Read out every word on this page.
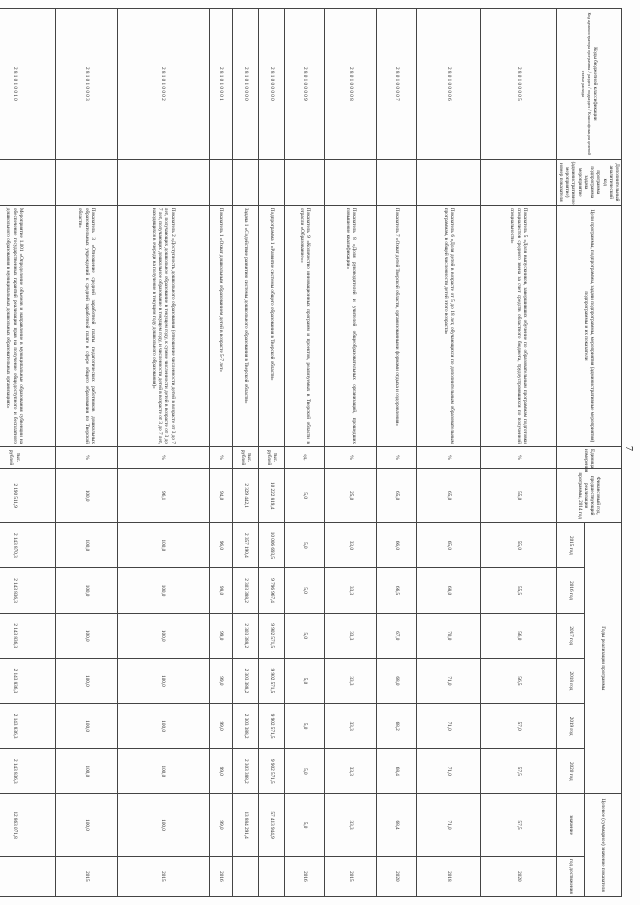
7
Коды бюджетной классификации
Код администратора программы / раздел / подраздел / Классификация целевой статьи расхода	Дополнительный аналитический код
программа подпрограмма задача мероприятие (административное мероприятие) номер показателя	Цели программы, подпрограммы, задачи подпрограммы, мероприятия (административные мероприятия) подпрограммы и их показатели	Единица измерения	Финансовый год, предшествующий реализации программы, 2014 год	Годы реализации программы						Целевое (суммарное) значение показателя	
					2015 год	2016 год	2017 год	2018 год	2019 год	2020 год	значение	год достижения
2 8 0 1 0 0 0 0 5		Показатель 5 «Доля выпускников, завершивших обучение по образовательным программам подготовки специалистов среднего звена за счет средств областного бюджета, трудоустроившихся по полученной специальности»	%	55,0	55,0	55,5	56,0	56,5	57,0	57,5	57,5	2020
2 8 0 1 0 0 0 0 6		Показатель 6 «Доля детей в возрасте от 5 до 18 лет, обучающихся по дополнительным образовательным программам, в общей численности детей этого возраста»	%	65,0	65,0	68,0	70,0	71,0	71,0	71,0	71,0	2018
2 8 0 1 0 0 0 0 7		Показатель 7 «Охват детей Тверской области, организованными формами отдыха и оздоровления»	%	65,0	66,0	66,5	67,0	68,0	68,2	68,4	68,4	2020
2 8 0 1 0 0 0 0 8		Показатель 8 «Доля руководителей и учителей общеобразовательных организаций, прошедших повышение квалификации»	%	25,0	33,0	33,3	33,3	33,3	33,3	33,3	33,3	2015
2 8 0 1 0 0 0 0 9		Показатель 9 «Количество инновационных программ и проектов, реализуемых в Тверской области в отрасли «Образование»»	ед.	5,0	5,0	5,0	5,0	5,0	5,0	5,0	5,0	2016
2 8 1 0 0 0 0 0 0		Подпрограмма 1 «Развитие системы общего образования в Тверской области»	тыс. рублей	10 222 819,4	10 006 693,5	9 796 967,4	9 902 571,5	9 902 571,5	9 902 571,5	9 902 571,5	57 413 944,9	
2 8 1 0 1 0 0 0 0		Задача 1 «Содействие развитию системы дошкольного образования в Тверской области»	тыс. рублей	2 329 442,1	2 357 190,4	2 303 388,2	2 303 388,2	2 303 388,2	2 303 388,2	2 303 388,2	13 884 291,4	
2 8 1 0 1 0 0 0 1		Показатель 1 «Охват дошкольным образованием детей в возрасте 5-7 лет»	%	94,0	96,0	98,0	99,0	99,0	99,0	99,0	99,0	2016
2 8 1 0 1 0 0 0 2		Показатель 2 «Доступность дошкольного образования (отношение численности детей в возрасте от 3 до 7 лет, получающих дошкольное образование в текущем году, к сумме численности детей в возрасте от 3 до 7 лет, получающих дошкольное образование в текущем году, и численности детей в возрасте от 3 до 7 лет, находящихся в очереди на получение в текущем году дошкольного образования)»	%	96,1	100,0	100,0	100,0	100,0	100,0	100,0	100,0	2015
2 8 1 0 1 0 0 0 3		Показатель 3 «Отношение средней заработной платы педагогических работников дошкольных образовательных учреждений к средней заработной плате в сфере общего образования по Тверской области»	%	100,0	100,0	100,0	100,0	100,0	100,0	100,0	100,0	2015
2 8 1 0 1 0 0 1 0		Мероприятие 1.001 «Определение объемов и направление в муниципальные образования субвенции на обеспечение государственных гарантий реализации прав на получение общедоступного и бесплатного дошкольного образования в муниципальных дошкольных образовательных организациях»	тыс. рублей	2 190 511,9	2 143 870,3	2 143 836,3	2 143 836,3	2 143 836,3	2 143 836,3	2 143 836,3	12 863 071,8	
